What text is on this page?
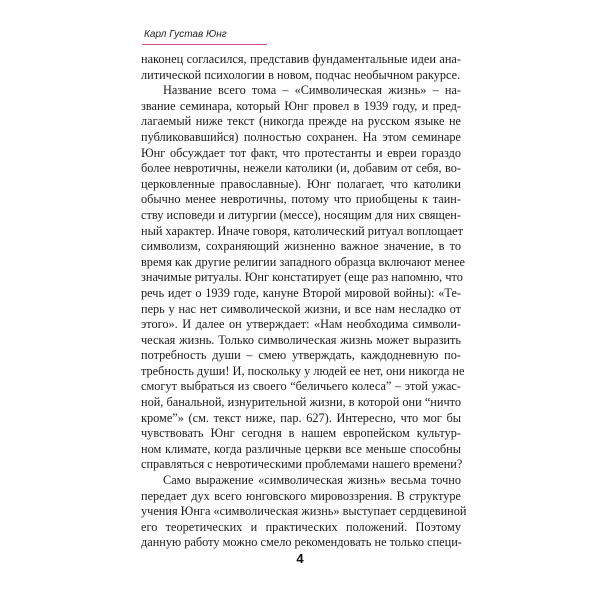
Карл Густав Юнг
наконец согласился, представив фундаментальные идеи ана-
литической психологии в новом, подчас необычном ракурсе.
Название всего тома – «Символическая жизнь» – на-
звание семинара, который Юнг провел в 1939 году, и пред-
лагаемый ниже текст (никогда прежде на русском языке не
публиковавшийся) полностью сохранен. На этом семинаре
Юнг обсуждает тот факт, что протестанты и евреи гораздо
более невротичны, нежели католики (и, добавим от себя, во-
церковленные православные). Юнг полагает, что католики
обычно менее невротичны, потому что приобщены к таин-
ству исповеди и литургии (мессе), носящим для них священ-
ный характер. Иначе говоря, католический ритуал воплощает
символизм, сохраняющий жизненно важное значение, в то
время как другие религии западного образца включают менее
значимые ритуалы. Юнг констатирует (еще раз напомню, что
речь идет о 1939 годе, кануне Второй мировой войны): «Те-
перь у нас нет символической жизни, и все нам несладко от
этого». И далее он утверждает: «Нам необходима символи-
ческая жизнь. Только символическая жизнь может выразить
потребность души – смею утверждать, каждодневную по-
требность души! И, поскольку у людей ее нет, они никогда не
смогут выбраться из своего “беличьего колеса” – этой ужас-
ной, банальной, изнурительной жизни, в которой они “ничто
кроме”» (см. текст ниже, пар. 627). Интересно, что мог бы
чувствовать Юнг сегодня в нашем европейском культур-
ном климате, когда различные церкви все меньше способны
справляться с невротическими проблемами нашего времени?
Само выражение «символическая жизнь» весьма точно
передает дух всего юнговского мировоззрения. В структуре
учения Юнга «символическая жизнь» выступает сердцевиной
его теоретических и практических положений. Поэтому
данную работу можно смело рекомендовать не только специ-
4
